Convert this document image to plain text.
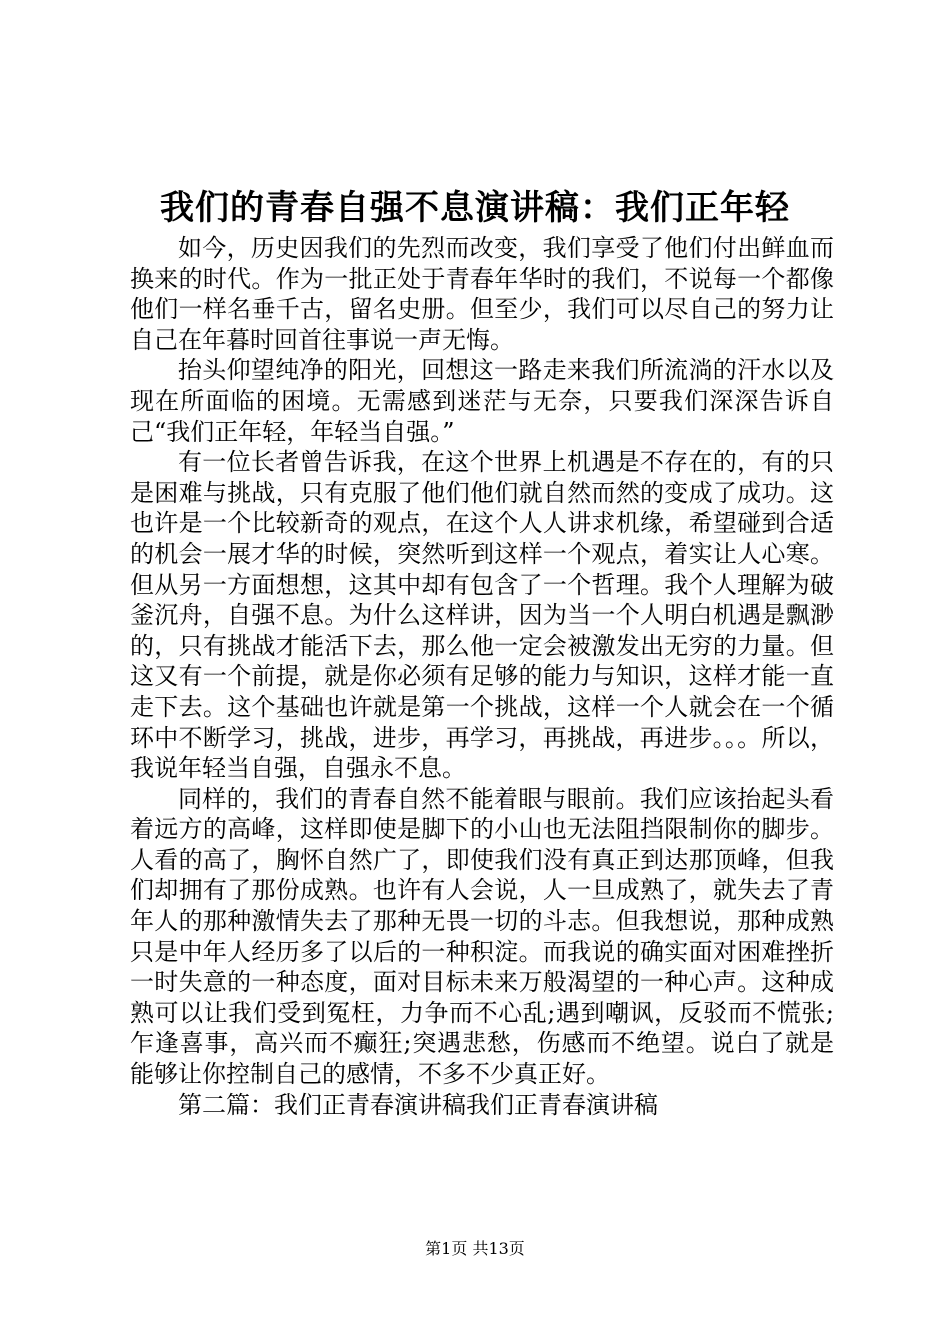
我们的青春自强不息演讲稿：我们正年轻

如今，历史因我们的先烈而改变，我们享受了他们付出鲜血而换来的时代。作为一批正处于青春年华时的我们，不说每一个都像他们一样名垂千古，留名史册。但至少，我们可以尽自己的努力让自己在年暮时回首往事说一声无悔。

抬头仰望纯净的阳光，回想这一路走来我们所流淌的汗水以及现在所面临的困境。无需感到迷茫与无奈，只要我们深深告诉自己“我们正年轻，年轻当自强。”

有一位长者曾告诉我，在这个世界上机遇是不存在的，有的只是困难与挑战，只有克服了他们他们就自然而然的变成了成功。这也许是一个比较新奇的观点，在这个人人讲求机缘，希望碰到合适的机会一展才华的时候，突然听到这样一个观点，着实让人心寒。但从另一方面想想，这其中却有包含了一个哲理。我个人理解为破釜沉舟，自强不息。为什么这样讲，因为当一个人明白机遇是飘渺的，只有挑战才能活下去，那么他一定会被激发出无穷的力量。但这又有一个前提，就是你必须有足够的能力与知识，这样才能一直走下去。这个基础也许就是第一个挑战，这样一个人就会在一个循环中不断学习，挑战，进步，再学习，再挑战，再进步。。。所以，我说年轻当自强，自强永不息。

同样的，我们的青春自然不能着眼与眼前。我们应该抬起头看着远方的高峰，这样即使是脚下的小山也无法阻挡限制你的脚步。人看的高了，胸怀自然广了，即使我们没有真正到达那顶峰，但我们却拥有了那份成熟。也许有人会说，人一旦成熟了，就失去了青年人的那种激情失去了那种无畏一切的斗志。但我想说，那种成熟只是中年人经历多了以后的一种积淀。而我说的确实面对困难挫折一时失意的一种态度，面对目标未来万般渴望的一种心声。这种成熟可以让我们受到冤枉，力争而不心乱;遇到嘲讽，反驳而不慌张;乍逢喜事，高兴而不癫狂;突遇悲愁，伤感而不绝望。说白了就是能够让你控制自己的感情，不多不少真正好。

第二篇：我们正青春演讲稿我们正青春演讲稿

第1页 共13页
